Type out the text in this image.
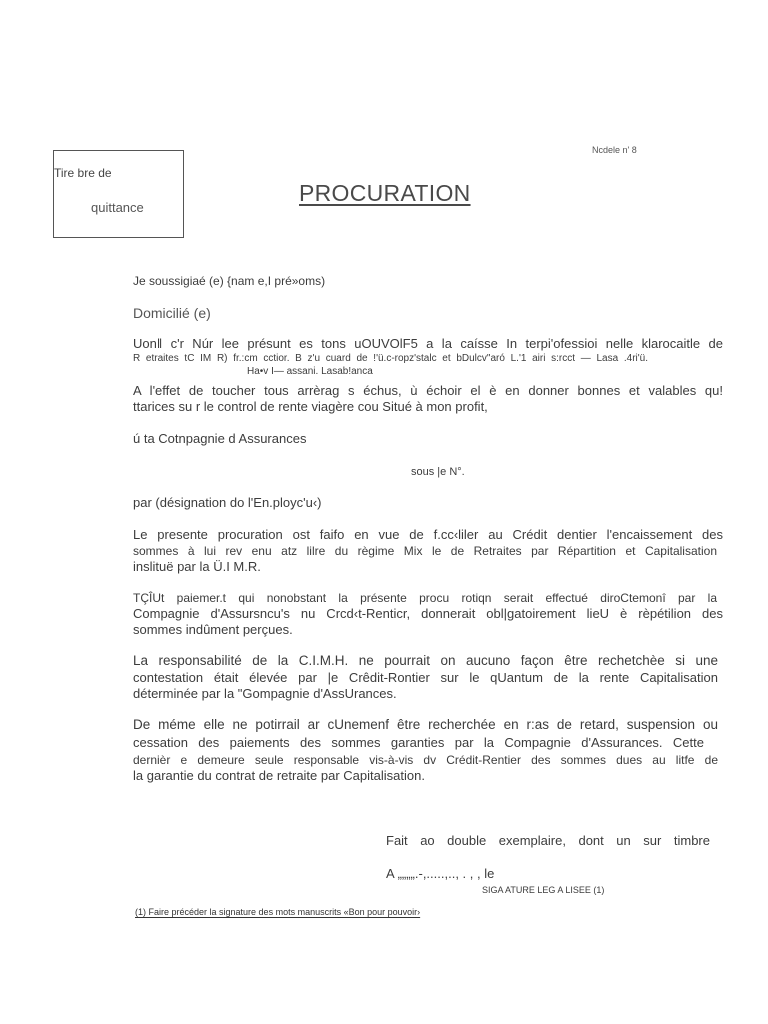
Tire bre de
quittance
Ncdele n' 8
PROCURATION
Je soussigiaé (e) {nam e,I pré»oms)
Domicilié (e)
Uon‖ c'r Núr lee présunt es tons uOUVOlF5 a la caísse In terpi'ofessioi nelle klarocaitle de
R etraites tC IM R) fr.:cm cctior. B z'u cuard de !'ü.c-ropz'stalc et bDulcv"aró L.'1 airi s:rcct — Lasa .4ri'ü.
Ha•v I— assani. Lasab!anca
A l'effet de toucher tous arrèrag s échus, ù échoir el è en donner bonnes et valables qu!
ttarices su r le control de rente viagère cou Situé à mon profit,
ú ta Cotnpagnie d Assurances
sous |e N°.
par (désignation do l'En.ployc'u‹)
Le presente procuration ost faifo en vue de f.cc‹liler au Crédit dentier l'encaissement des
sommes à lui rev enu atz lilre du règime Mix le de Retraites par Répartition et Capitalisation
inslituë par la Ü.I M.R.
TÇÎUt paiemer.t qui nonobstant la présente procu rotiqn serait effectué diroCtemonî par la
Compagnie d'Assursncu's nu Crcd‹t-Renticr, donnerait obl|gatoirement lieU è rèpétilion des
sommes indûment perçues.
La responsabilité de la C.I.M.H. ne pourrait on aucuno façon être rechetchèe si une
contestation était élevée par |e Crêdit-Rontier sur le qUantum de la rente Capitalisation
déterminée par la "Gompagnie d'AssUrances.
De méme elle ne potirrail ar cUnemenf être recherchée en r:as de retard, suspension ou
cessation des paiements des sommes garanties par la Compagnie d'Assurances. Cette
dernièr e demeure seule responsable vis-à-vis dv Crédit-Rentier des sommes dues au litfe de
la garantie du contrat de retraite par Capitalisation.
Fait ao double exemplaire, dont un sur timbre
A „„„„.-,.....,.., . , , le
SIGA ATURE LEG A LISEE (1)
(1) Faire précéder la signature des mots manuscrits «Bon pour pouvoir›
